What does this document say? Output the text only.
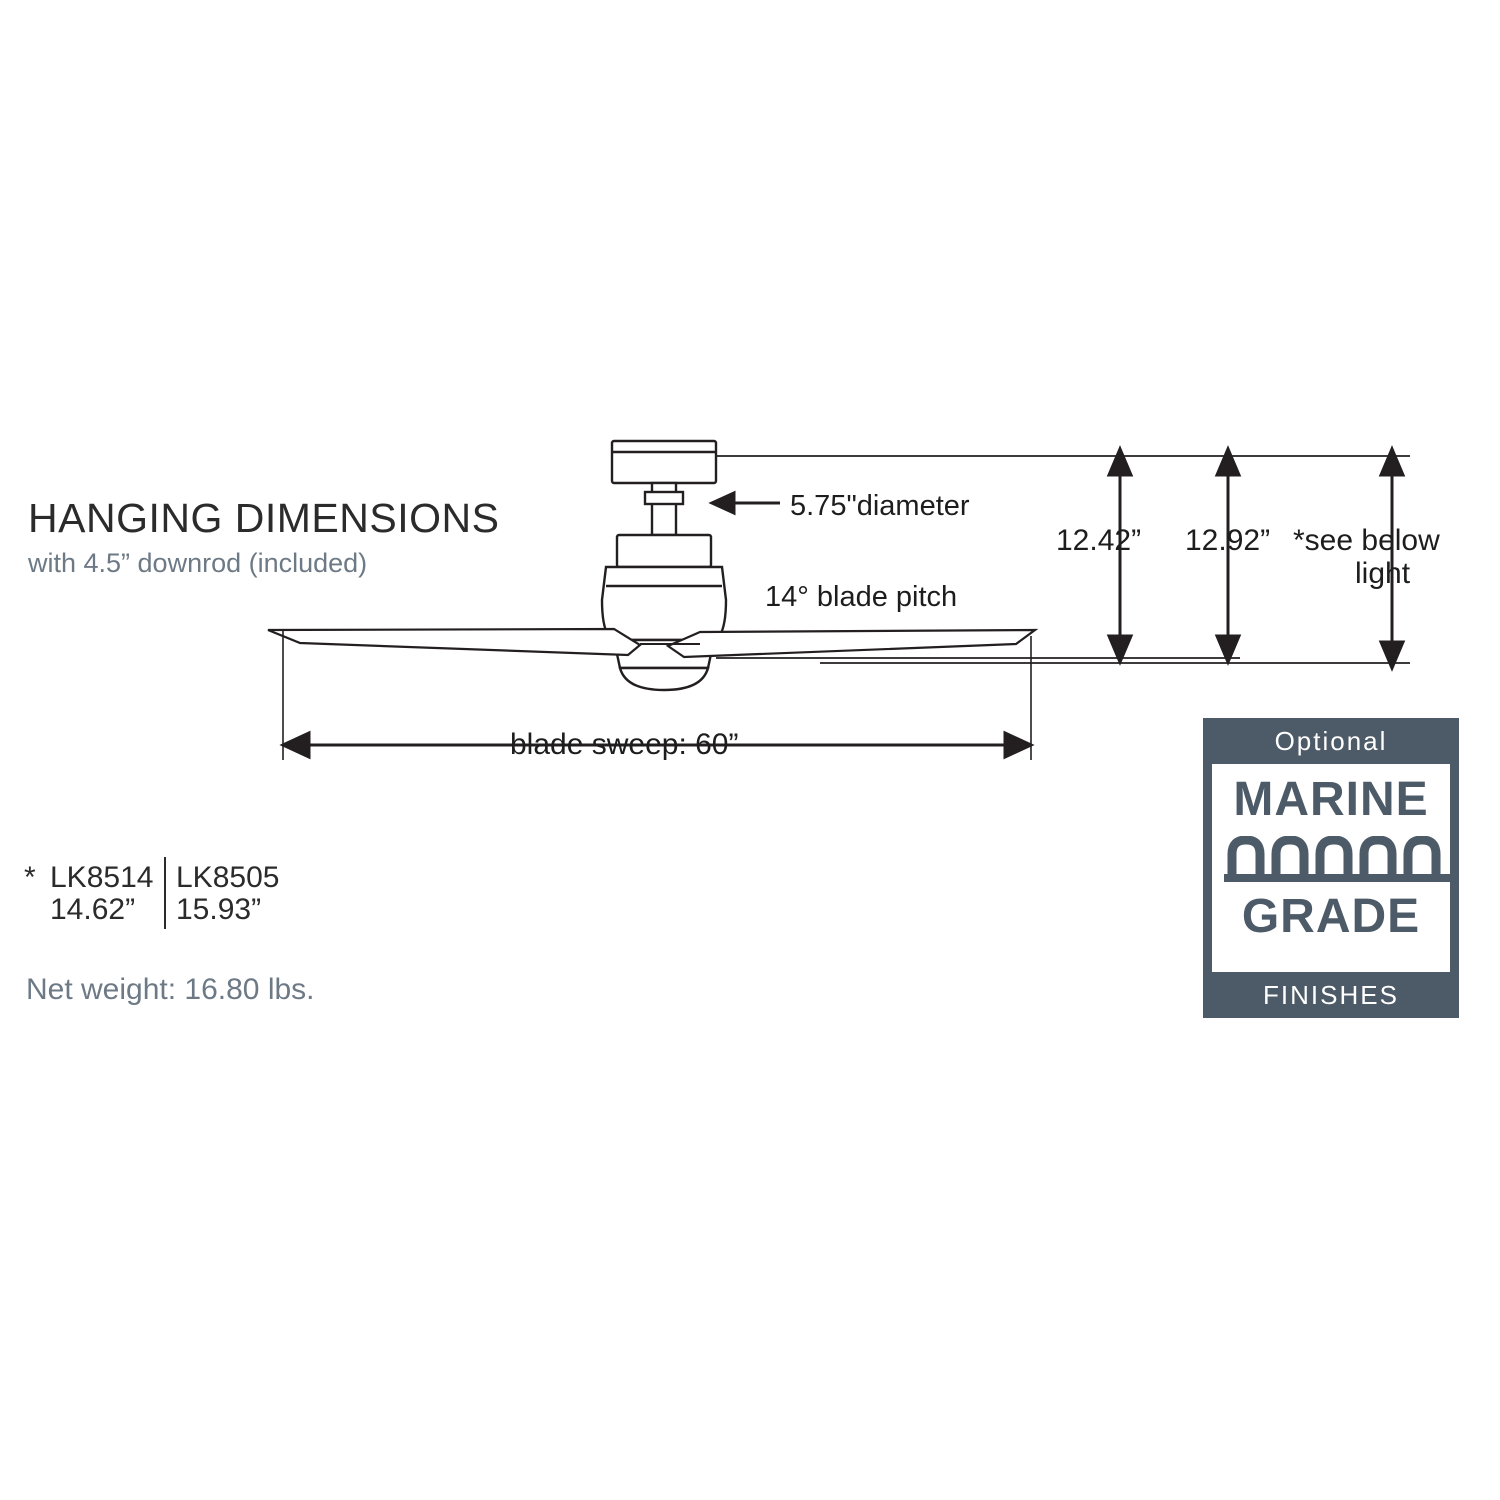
HANGING DIMENSIONS
with 4.5” downrod (included)
5.75"diameter
14° blade pitch
blade sweep: 60”
12.42” 12.92” *see below
light
* LK8514 LK8505
14.62” 15.93”
Net weight: 16.80 lbs.
Optional
MARINE
GRADE
FINISHES
